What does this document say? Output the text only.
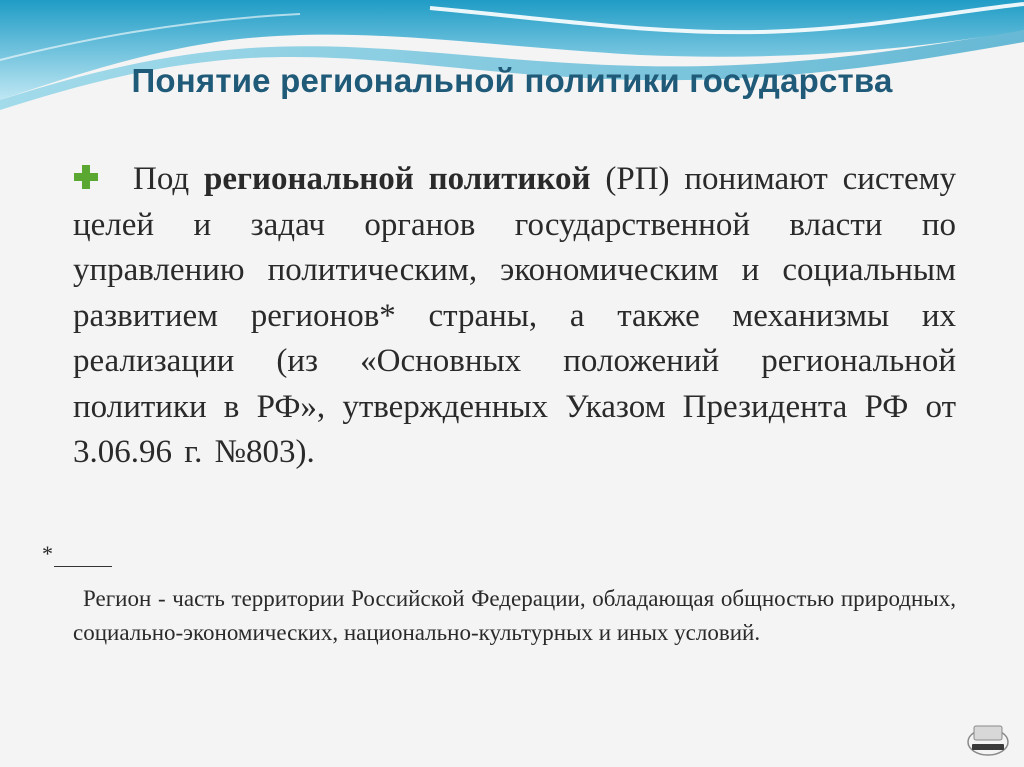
Понятие региональной политики государства

Под региональной политикой (РП) понимают систему целей и задач органов государственной власти по управлению политическим, экономическим и социальным развитием регионов* страны, а также механизмы их реализации (из «Основных положений региональной политики в РФ», утвержденных Указом Президента РФ от 3.06.96 г. №803).

*

Регион - часть территории Российской Федерации, обладающая общностью природных, социально-экономических, национально-культурных и иных условий.
